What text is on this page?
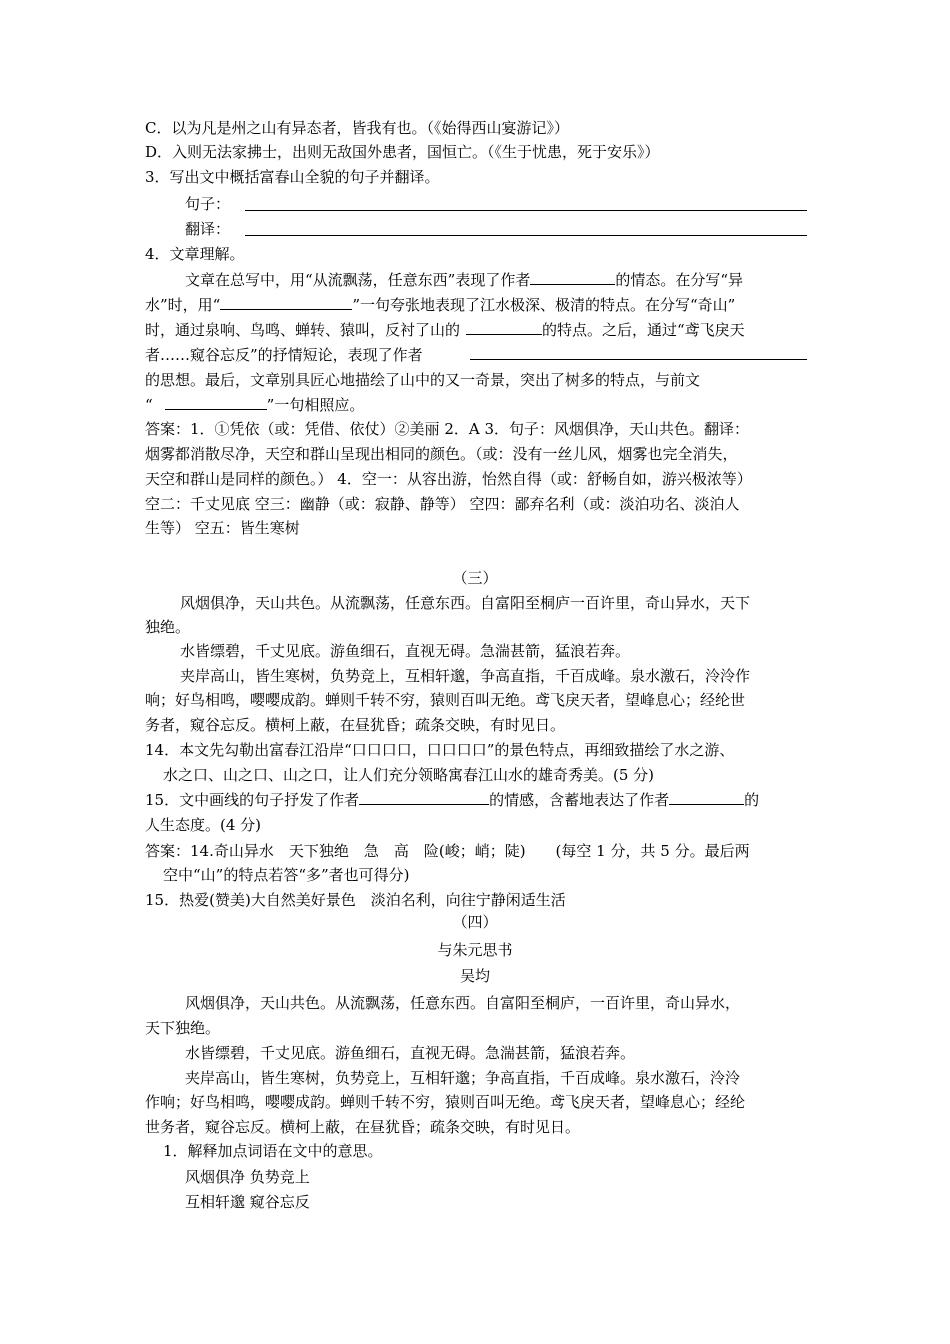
C．以为凡是州之山有异态者，皆我有也。（《始得西山宴游记》）
D．入则无法家拂士，出则无敌国外患者，国恒亡。（《生于忧患，死于安乐》）
3．写出文中概括富春山全貌的句子并翻译。
句子：
翻译：
4．文章理解。
文章在总写中，用“从流飘荡，任意东西”表现了作者	的情态。在分写“异
水”时，用“	”一句夸张地表现了江水极深、极清的特点。在分写“奇山”
时，通过泉响、鸟鸣、蝉转、猿叫，反衬了山的	的特点。之后，通过“鸢飞戾天
者……窥谷忘反”的抒情短论，表现了作者
的思想。最后，文章别具匠心地描绘了山中的又一奇景，突出了树多的特点，与前文
“	”一句相照应。
答案：1．①凭依（或：凭借、依仗）②美丽 2．A 3．句子：风烟俱净，天山共色。翻译：
烟雾都消散尽净，天空和群山呈现出相同的颜色。（或：没有一丝儿风，烟雾也完全消失，
天空和群山是同样的颜色。） 4．空一：从容出游，怡然自得（或：舒畅自如，游兴极浓等）
空二：千丈见底 空三：幽静（或：寂静、静等） 空四：鄙弃名利（或：淡泊功名、淡泊人
生等） 空五：皆生寒树
（三）
风烟俱净，天山共色。从流飘荡，任意东西。自富阳至桐庐一百许里，奇山异水，天下
独绝。
水皆缥碧，千丈见底。游鱼细石，直视无碍。急湍甚箭，猛浪若奔。
夹岸高山，皆生寒树，负势竞上，互相轩邈，争高直指，千百成峰。泉水激石，泠泠作
响；好鸟相鸣，嘤嘤成韵。蝉则千转不穷，猿则百叫无绝。鸢飞戾天者，望峰息心；经纶世
务者，窥谷忘反。横柯上蔽，在昼犹昏；疏条交映，有时见日。
14．本文先勾勒出富春江沿岸“口口口口，口口口口”的景色特点，再细致描绘了水之游、
水之口、山之口、山之口，让人们充分领略寓春江山水的雄奇秀美。(5 分)
15．文中画线的句子抒发了作者	的情感，含蓄地表达了作者	的
人生态度。(4 分)
答案：14.奇山异水　天下独绝　急　高　险(峻；峭；陡)　　(每空 1 分，共 5 分。最后两
空中“山”的特点若答“多”者也可得分)
15．热爱(赞美)大自然美好景色　淡泊名利，向往宁静闲适生活
（四）
与朱元思书
吴均
风烟俱净，天山共色。从流飘荡，任意东西。自富阳至桐庐，一百许里，奇山异水，
天下独绝。
水皆缥碧，千丈见底。游鱼细石，直视无碍。急湍甚箭，猛浪若奔。
夹岸高山，皆生寒树，负势竞上，互相轩邈；争高直指，千百成峰。泉水激石，泠泠
作响；好鸟相鸣，嘤嘤成韵。蝉则千转不穷，猿则百叫无绝。鸢飞戾天者，望峰息心；经纶
世务者，窥谷忘反。横柯上蔽，在昼犹昏；疏条交映，有时见日。
1．解释加点词语在文中的意思。
风烟俱净 负势竞上
互相轩邈 窥谷忘反
